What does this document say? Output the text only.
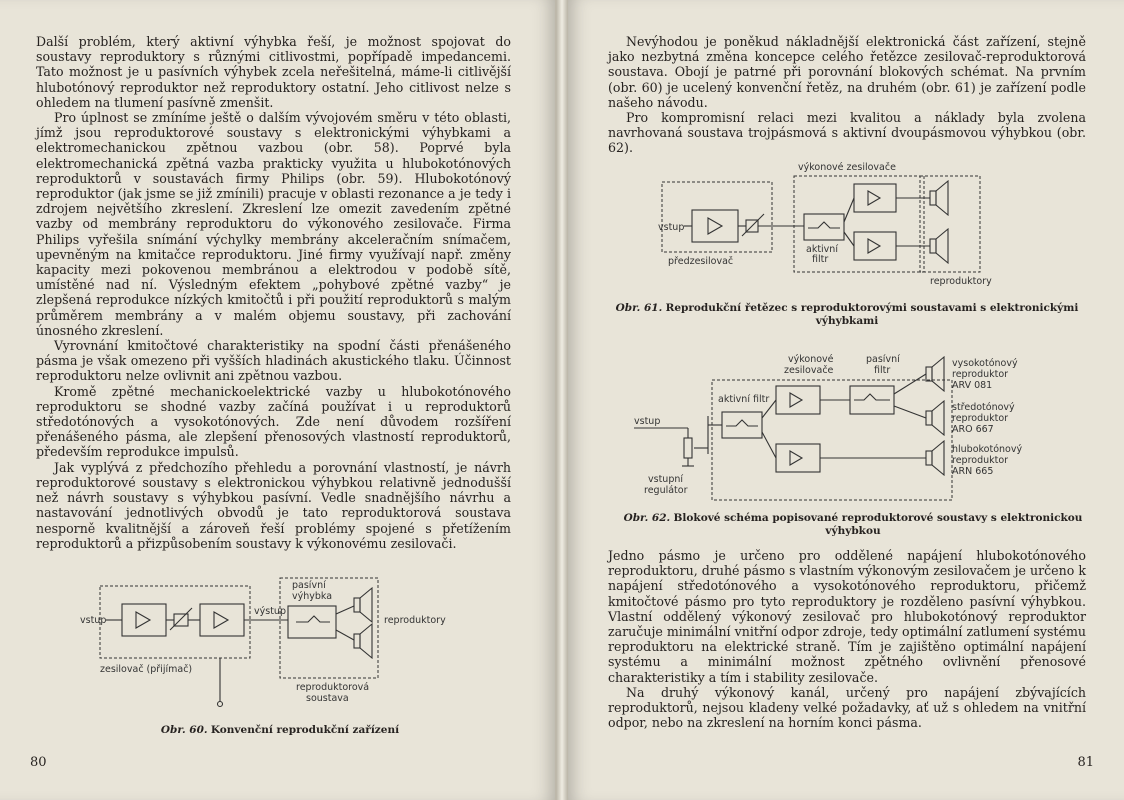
Další problém, který aktivní výhybka řeší, je možnost spojovat do soustavy reproduktory s různými citlivostmi, popřípadě impedancemi. Tato možnost je u pasívních výhybek zcela neřešitelná, máme-li citlivější hlubotónový reproduktor než reproduktory ostatní. Jeho citlivost nelze s ohledem na tlumení pasívně zmenšit.

Pro úplnost se zmíníme ještě o dalším vývojovém směru v této oblasti, jímž jsou reproduktorové soustavy s elektronickými výhybkami a elektromechanickou zpětnou vazbou (obr. 58). Poprvé byla elektromechanická zpětná vazba prakticky využita u hlubokotónových reproduktorů v soustavách firmy Philips (obr. 59). Hlubokotónový reproduktor (jak jsme se již zmínili) pracuje v oblasti rezonance a je tedy i zdrojem největšího zkreslení. Zkreslení lze omezit zavedením zpětné vazby od membrány reproduktoru do výkonového zesilovače. Firma Philips vyřešila snímání výchylky membrány akceleračním snímačem, upevněným na kmitačce reproduktoru. Jiné firmy využívají např. změny kapacity mezi pokovenou membránou a elektrodou v podobě sítě, umístěné nad ní. Výsledným efektem „pohybové zpětné vazby“ je zlepšená reprodukce nízkých kmitočtů i při použití reproduktorů s malým průměrem membrány a v malém objemu soustavy, při zachování únosného zkreslení.

Vyrovnání kmitočtové charakteristiky na spodní části přenášeného pásma je však omezeno při vyšších hladinách akustického tlaku. Účinnost reproduktoru nelze ovlivnit ani zpětnou vazbou.

Kromě zpětné mechanickoelektrické vazby u hlubokotónového reproduktoru se shodné vazby začíná používat i u reproduktorů středotónových a vysokotónových. Zde není důvodem rozšíření přenášeného pásma, ale zlepšení přenosových vlastností reproduktorů, především reprodukce impulsů.

Jak vyplývá z předchozího přehledu a porovnání vlastností, je návrh reproduktorové soustavy s elektronickou výhybkou relativně jednodušší než návrh soustavy s výhybkou pasívní. Vedle snadnějšího návrhu a nastavování jednotlivých obvodů je tato reproduktorová soustava nesporně kvalitnější a zároveň řeší problémy spojené s přetížením reproduktorů a přizpůsobením soustavy k výkonovému zesilovači.

vstup
výstup
zesilovač (přijímač)
pasívní
výhybka
reproduktory
reproduktorová
soustava
Obr. 60. Konvenční reprodukční zařízení
80

Nevýhodou je poněkud nákladnější elektronická část zařízení, stejně jako nezbytná změna koncepce celého řetězce zesilovač-reproduktorová soustava. Obojí je patrné při porovnání blokových schémat. Na prvním (obr. 60) je ucelený konvenční řetěz, na druhém (obr. 61) je zařízení podle našeho návodu.

Pro kompromisní relaci mezi kvalitou a náklady byla zvolena navrhovaná soustava trojpásmová s aktivní dvoupásmovou výhybkou (obr. 62).

výkonové zesilovače
vstup
předzesilovač
aktivní
filtr
reproduktory
Obr. 61. Reprodukční řetězec s reproduktorovými soustavami s elektronickými výhybkami
výkonové
zesilovače
pasívní
filtr
aktivní filtr
vstup
vstupní
regulátor
vysokotónový
reproduktor
ARV 081
středotónový
reproduktor
ARO 667
hlubokotónový
reproduktor
ARN 665
Obr. 62. Blokové schéma popisované reproduktorové soustavy s elektronickou výhybkou

Jedno pásmo je určeno pro oddělené napájení hlubokotónového reproduktoru, druhé pásmo s vlastním výkonovým zesilovačem je určeno k napájení středotónového a vysokotónového reproduktoru, přičemž kmitočtové pásmo pro tyto reproduktory je rozděleno pasívní výhybkou. Vlastní oddělený výkonový zesilovač pro hlubokotónový reproduktor zaručuje minimální vnitřní odpor zdroje, tedy optimální zatlumení systému reproduktoru na elektrické straně. Tím je zajištěno optimální napájení systému a minimální možnost zpětného ovlivnění přenosové charakteristiky a tím i stability zesilovače.

Na druhý výkonový kanál, určený pro napájení zbývajících reproduktorů, nejsou kladeny velké požadavky, ať už s ohledem na vnitřní odpor, nebo na zkreslení na horním konci pásma.

81
